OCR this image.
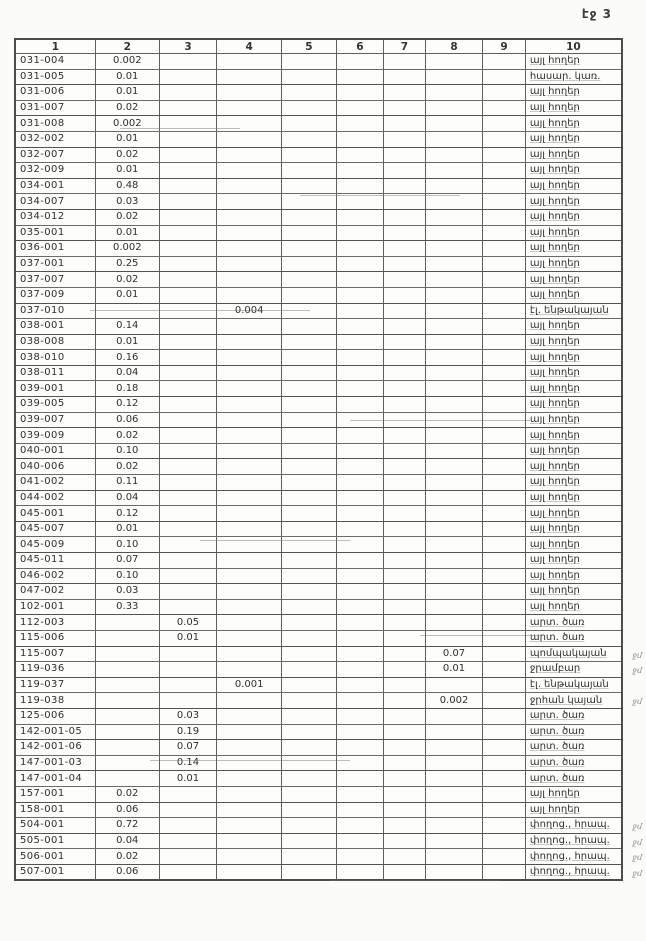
էջ 3
1	2	3	4	5	6	7	8	9	10
031-004	0.002								այլ հողեր
031-005	0.01								հասար. կառ.
031-006	0.01								այլ հողեր
031-007	0.02								այլ հողեր
031-008	0.002								այլ հողեր
032-002	0.01								այլ հողեր
032-007	0.02								այլ հողեր
032-009	0.01								այլ հողեր
034-001	0.48								այլ հողեր
034-007	0.03								այլ հողեր
034-012	0.02								այլ հողեր
035-001	0.01								այլ հողեր
036-001	0.002								այլ հողեր
037-001	0.25								այլ հողեր
037-007	0.02								այլ հողեր
037-009	0.01								այլ հողեր
037-010			0.004						էլ. ենթակայան
038-001	0.14								այլ հողեր
038-008	0.01								այլ հողեր
038-010	0.16								այլ հողեր
038-011	0.04								այլ հողեր
039-001	0.18								այլ հողեր
039-005	0.12								այլ հողեր
039-007	0.06								այլ հողեր
039-009	0.02								այլ հողեր
040-001	0.10								այլ հողեր
040-006	0.02								այլ հողեր
041-002	0.11								այլ հողեր
044-002	0.04								այլ հողեր
045-001	0.12								այլ հողեր
045-007	0.01								այլ հողեր
045-009	0.10								այլ հողեր
045-011	0.07								այլ հողեր
046-002	0.10								այլ հողեր
047-002	0.03								այլ հողեր
102-001	0.33								այլ հողեր
112-003		0.05							արտ. ծառ
115-006		0.01							արտ. ծառ
115-007							0.07		պոմպակայան ջմ

119-036							0.01		ջրամբար ջմ

119-037			0.001						էլ. ենթակայան
119-038							0.002		ջրհան կայան ջմ

125-006		0.03							արտ. ծառ
142-001-05		0.19							արտ. ծառ
142-001-06		0.07							արտ. ծառ
147-001-03		0.14							արտ. ծառ
147-001-04		0.01							արտ. ծառ
157-001	0.02								այլ հողեր
158-001	0.06								այլ հողեր
504-001	0.72								փողոց., հրապ. ջմ

505-001	0.04								փողոց., հրապ. ջմ

506-001	0.02								փողոց., հրապ. ջմ

507-001	0.06								փողոց., հրապ. ջմ
